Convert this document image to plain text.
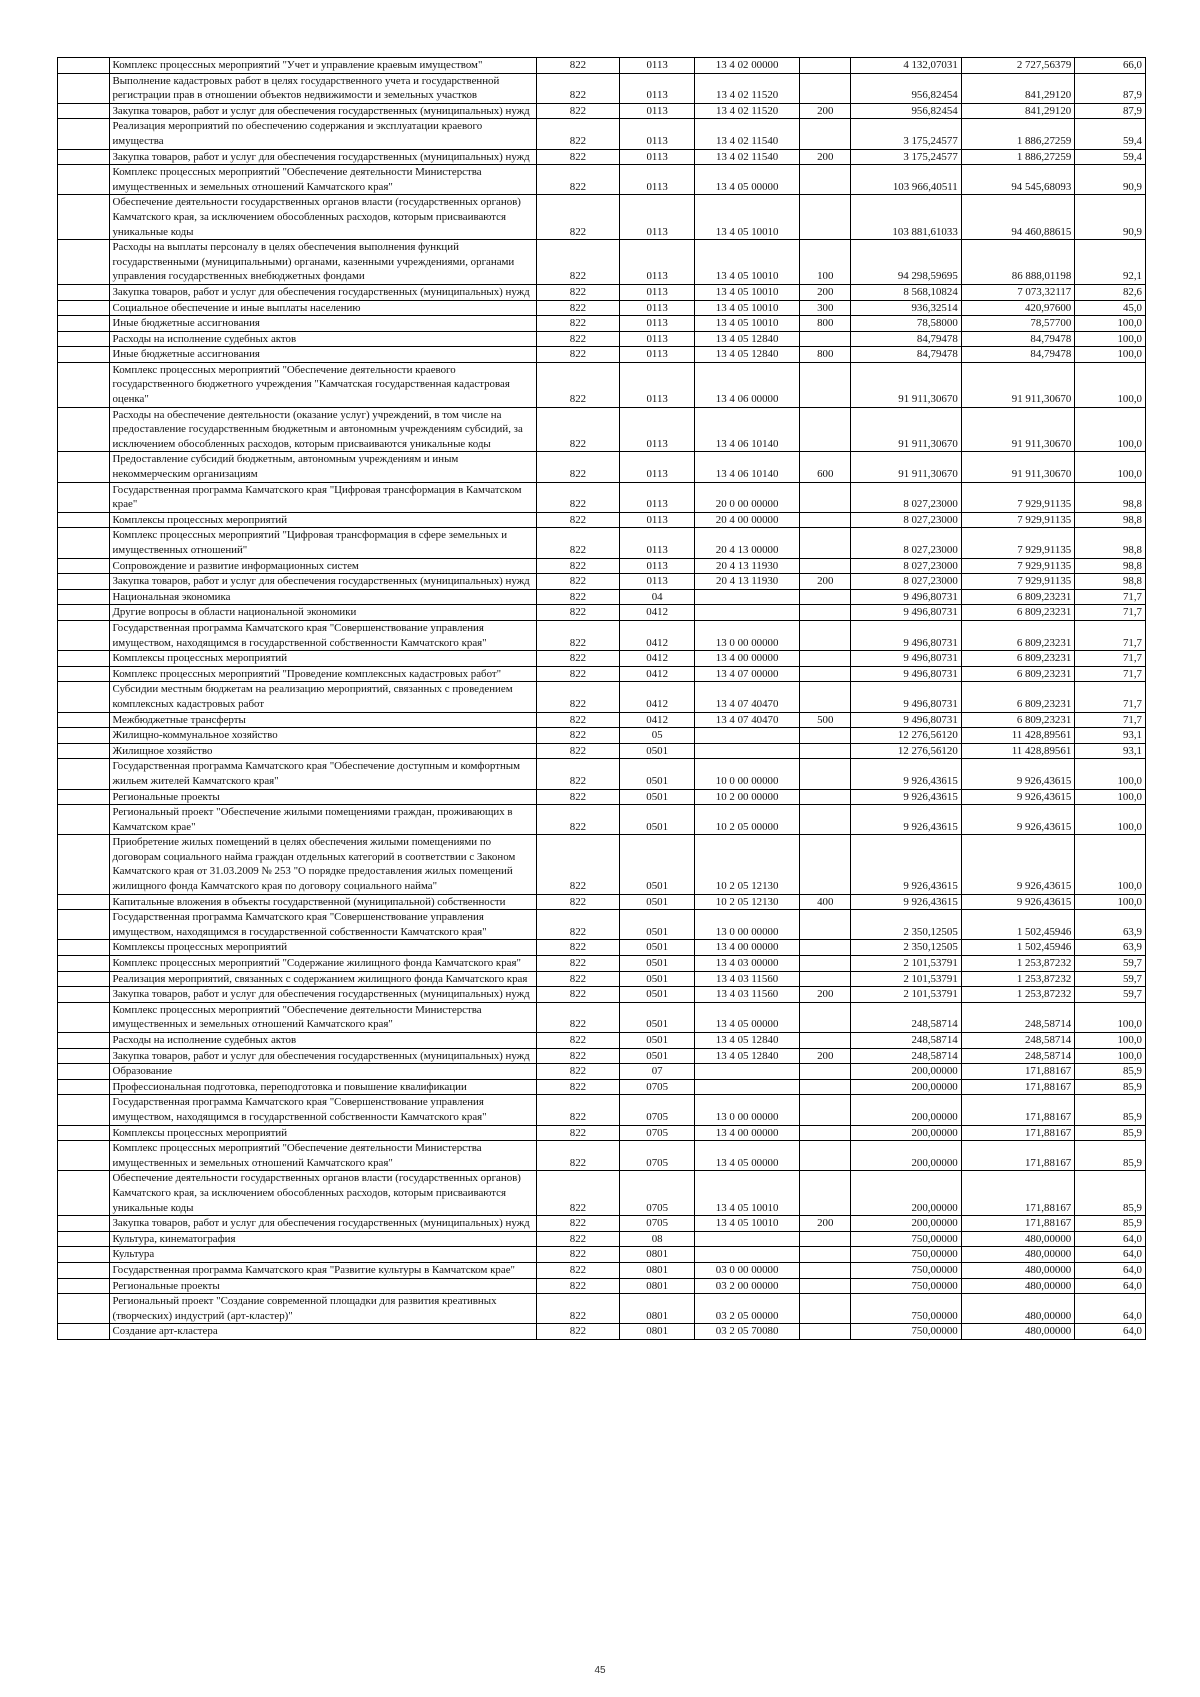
	Комплекс процессных мероприятий "Учет и управление краевым имуществом"	822	0113	13 4 02 00000		4 132,07031	2 727,56379	66,0
	Выполнение кадастровых работ в целях государственного учета и государственной регистрации прав в отношении объектов недвижимости и земельных участков	822	0113	13 4 02 11520		956,82454	841,29120	87,9
	Закупка товаров, работ и услуг для обеспечения государственных (муниципальных) нужд	822	0113	13 4 02 11520	200	956,82454	841,29120	87,9
	Реализация мероприятий по обеспечению содержания и эксплуатации краевого имущества	822	0113	13 4 02 11540		3 175,24577	1 886,27259	59,4
	Закупка товаров, работ и услуг для обеспечения государственных (муниципальных) нужд	822	0113	13 4 02 11540	200	3 175,24577	1 886,27259	59,4
	Комплекс процессных мероприятий "Обеспечение деятельности Министерства имущественных и земельных отношений Камчатского края"	822	0113	13 4 05 00000		103 966,40511	94 545,68093	90,9
	Обеспечение деятельности государственных органов власти (государственных органов) Камчатского края, за исключением обособленных расходов, которым присваиваются уникальные коды	822	0113	13 4 05 10010		103 881,61033	94 460,88615	90,9
	Расходы на выплаты персоналу в целях обеспечения выполнения функций государственными (муниципальными) органами, казенными учреждениями, органами управления государственных внебюджетных фондами	822	0113	13 4 05 10010	100	94 298,59695	86 888,01198	92,1
	Закупка товаров, работ и услуг для обеспечения государственных (муниципальных) нужд	822	0113	13 4 05 10010	200	8 568,10824	7 073,32117	82,6
	Социальное обеспечение и иные выплаты населению	822	0113	13 4 05 10010	300	936,32514	420,97600	45,0
	Иные бюджетные ассигнования	822	0113	13 4 05 10010	800	78,58000	78,57700	100,0
	Расходы на исполнение судебных актов	822	0113	13 4 05 12840		84,79478	84,79478	100,0
	Иные бюджетные ассигнования	822	0113	13 4 05 12840	800	84,79478	84,79478	100,0
	Комплекс процессных мероприятий "Обеспечение деятельности краевого государственного бюджетного учреждения "Камчатская государственная кадастровая оценка"	822	0113	13 4 06 00000		91 911,30670	91 911,30670	100,0
	Расходы на обеспечение деятельности (оказание услуг) учреждений, в том числе на предоставление государственным бюджетным и автономным учреждениям субсидий, за исключением обособленных расходов, которым присваиваются уникальные коды	822	0113	13 4 06 10140		91 911,30670	91 911,30670	100,0
	Предоставление субсидий бюджетным, автономным учреждениям и иным некоммерческим организациям	822	0113	13 4 06 10140	600	91 911,30670	91 911,30670	100,0
	Государственная программа Камчатского края "Цифровая трансформация в Камчатском крае"	822	0113	20 0 00 00000		8 027,23000	7 929,91135	98,8
	Комплексы процессных мероприятий	822	0113	20 4 00 00000		8 027,23000	7 929,91135	98,8
	Комплекс процессных мероприятий "Цифровая трансформация в сфере земельных и имущественных отношений"	822	0113	20 4 13 00000		8 027,23000	7 929,91135	98,8
	Сопровождение и развитие информационных систем	822	0113	20 4 13 11930		8 027,23000	7 929,91135	98,8
	Закупка товаров, работ и услуг для обеспечения государственных (муниципальных) нужд	822	0113	20 4 13 11930	200	8 027,23000	7 929,91135	98,8
	Национальная экономика	822	04			9 496,80731	6 809,23231	71,7
	Другие вопросы в области национальной экономики	822	0412			9 496,80731	6 809,23231	71,7
	Государственная программа Камчатского края "Совершенствование управления имуществом, находящимся в государственной собственности Камчатского края"	822	0412	13 0 00 00000		9 496,80731	6 809,23231	71,7
	Комплексы процессных мероприятий	822	0412	13 4 00 00000		9 496,80731	6 809,23231	71,7
	Комплекс процессных мероприятий "Проведение комплексных кадастровых работ"	822	0412	13 4 07 00000		9 496,80731	6 809,23231	71,7
	Субсидии местным бюджетам на реализацию мероприятий, связанных с проведением комплексных кадастровых работ	822	0412	13 4 07 40470		9 496,80731	6 809,23231	71,7
	Межбюджетные трансферты	822	0412	13 4 07 40470	500	9 496,80731	6 809,23231	71,7
	Жилищно-коммунальное хозяйство	822	05			12 276,56120	11 428,89561	93,1
	Жилищное хозяйство	822	0501			12 276,56120	11 428,89561	93,1
	Государственная программа Камчатского края "Обеспечение доступным и комфортным жильем жителей Камчатского края"	822	0501	10 0 00 00000		9 926,43615	9 926,43615	100,0
	Региональные проекты	822	0501	10 2 00 00000		9 926,43615	9 926,43615	100,0
	Региональный проект "Обеспечение жилыми помещениями граждан, проживающих в Камчатском крае"	822	0501	10 2 05 00000		9 926,43615	9 926,43615	100,0
	Приобретение жилых помещений в целях обеспечения жилыми помещениями по договорам социального найма граждан отдельных категорий в соответствии с Законом Камчатского края от 31.03.2009 № 253 "О порядке предоставления жилых помещений жилищного фонда Камчатского края по договору социального найма"	822	0501	10 2 05 12130		9 926,43615	9 926,43615	100,0
	Капитальные вложения в объекты государственной (муниципальной) собственности	822	0501	10 2 05 12130	400	9 926,43615	9 926,43615	100,0
	Государственная программа Камчатского края "Совершенствование управления имуществом, находящимся в государственной собственности Камчатского края"	822	0501	13 0 00 00000		2 350,12505	1 502,45946	63,9
	Комплексы процессных мероприятий	822	0501	13 4 00 00000		2 350,12505	1 502,45946	63,9
	Комплекс процессных мероприятий "Содержание жилищного фонда Камчатского края"	822	0501	13 4 03 00000		2 101,53791	1 253,87232	59,7
	Реализация мероприятий, связанных с содержанием жилищного фонда Камчатского края	822	0501	13 4 03 11560		2 101,53791	1 253,87232	59,7
	Закупка товаров, работ и услуг для обеспечения государственных (муниципальных) нужд	822	0501	13 4 03 11560	200	2 101,53791	1 253,87232	59,7
	Комплекс процессных мероприятий "Обеспечение деятельности Министерства имущественных и земельных отношений Камчатского края"	822	0501	13 4 05 00000		248,58714	248,58714	100,0
	Расходы на исполнение судебных актов	822	0501	13 4 05 12840		248,58714	248,58714	100,0
	Закупка товаров, работ и услуг для обеспечения государственных (муниципальных) нужд	822	0501	13 4 05 12840	200	248,58714	248,58714	100,0
	Образование	822	07			200,00000	171,88167	85,9
	Профессиональная подготовка, переподготовка и повышение квалификации	822	0705			200,00000	171,88167	85,9
	Государственная программа Камчатского края "Совершенствование управления имуществом, находящимся в государственной собственности Камчатского края"	822	0705	13 0 00 00000		200,00000	171,88167	85,9
	Комплексы процессных мероприятий	822	0705	13 4 00 00000		200,00000	171,88167	85,9
	Комплекс процессных мероприятий "Обеспечение деятельности Министерства имущественных и земельных отношений Камчатского края"	822	0705	13 4 05 00000		200,00000	171,88167	85,9
	Обеспечение деятельности государственных органов власти (государственных органов) Камчатского края, за исключением обособленных расходов, которым присваиваются уникальные коды	822	0705	13 4 05 10010		200,00000	171,88167	85,9
	Закупка товаров, работ и услуг для обеспечения государственных (муниципальных) нужд	822	0705	13 4 05 10010	200	200,00000	171,88167	85,9
	Культура, кинематография	822	08			750,00000	480,00000	64,0
	Культура	822	0801			750,00000	480,00000	64,0
	Государственная программа Камчатского края "Развитие культуры в Камчатском крае"	822	0801	03 0 00 00000		750,00000	480,00000	64,0
	Региональные проекты	822	0801	03 2 00 00000		750,00000	480,00000	64,0
	Региональный проект "Создание современной площадки для развития креативных (творческих) индустрий (арт-кластер)"	822	0801	03 2 05 00000		750,00000	480,00000	64,0
	Создание арт-кластера	822	0801	03 2 05 70080		750,00000	480,00000	64,0
45
